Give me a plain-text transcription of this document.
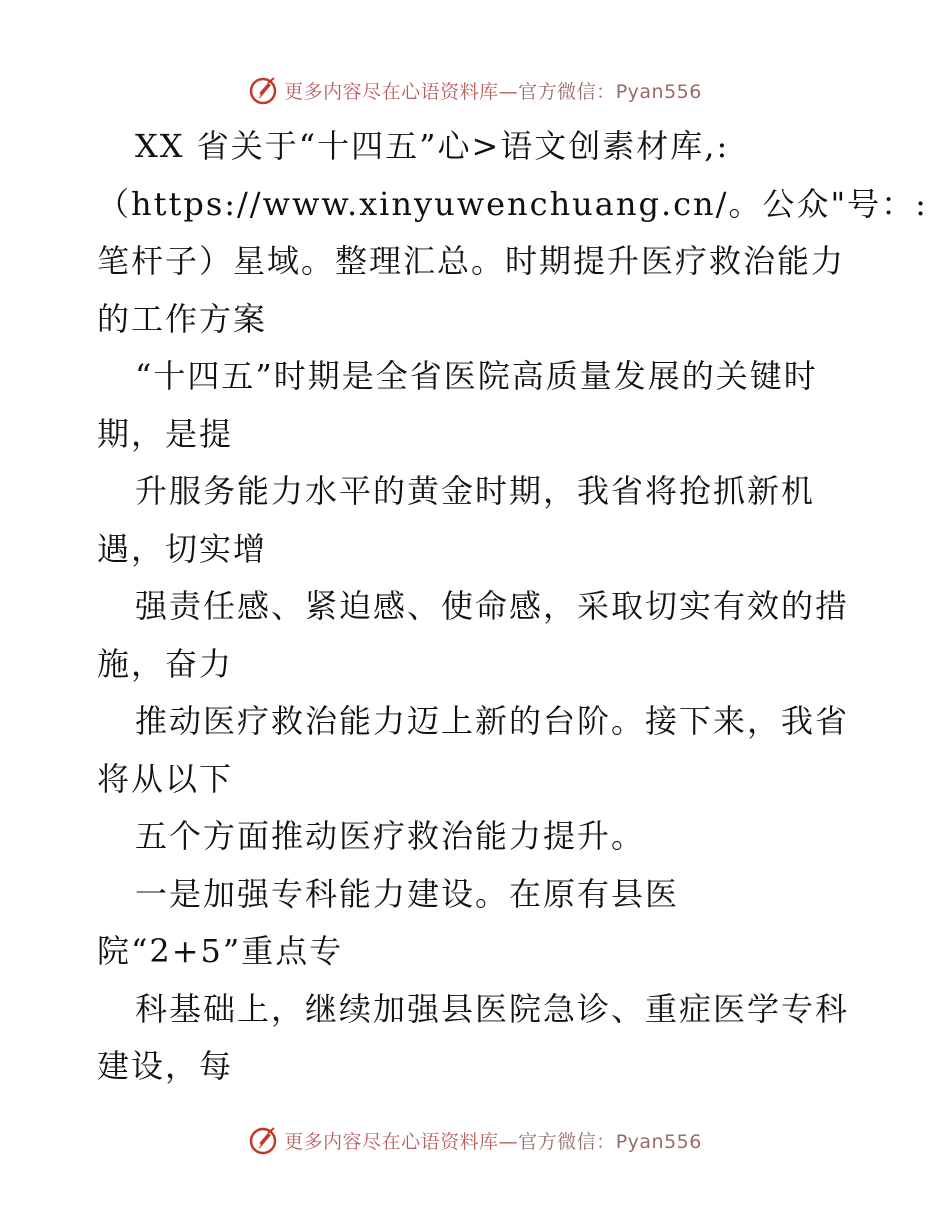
更多内容尽在心语资料库—官方微信：Pyan556
XX 省关于“十四五”心>语文创素材库,:
（https://www.xinyuwenchuang.cn/。公众"号：:
笔杆子）星域。整理汇总。时期提升医疗救治能力
的工作方案
“十四五”时期是全省医院高质量发展的关键时
期，是提
升服务能力水平的黄金时期，我省将抢抓新机
遇，切实增
强责任感、紧迫感、使命感，采取切实有效的措
施，奋力
推动医疗救治能力迈上新的台阶。接下来，我省
将从以下
五个方面推动医疗救治能力提升。
一是加强专科能力建设。在原有县医
院“2+5”重点专
科基础上，继续加强县医院急诊、重症医学专科
建设，每
更多内容尽在心语资料库—官方微信：Pyan556
